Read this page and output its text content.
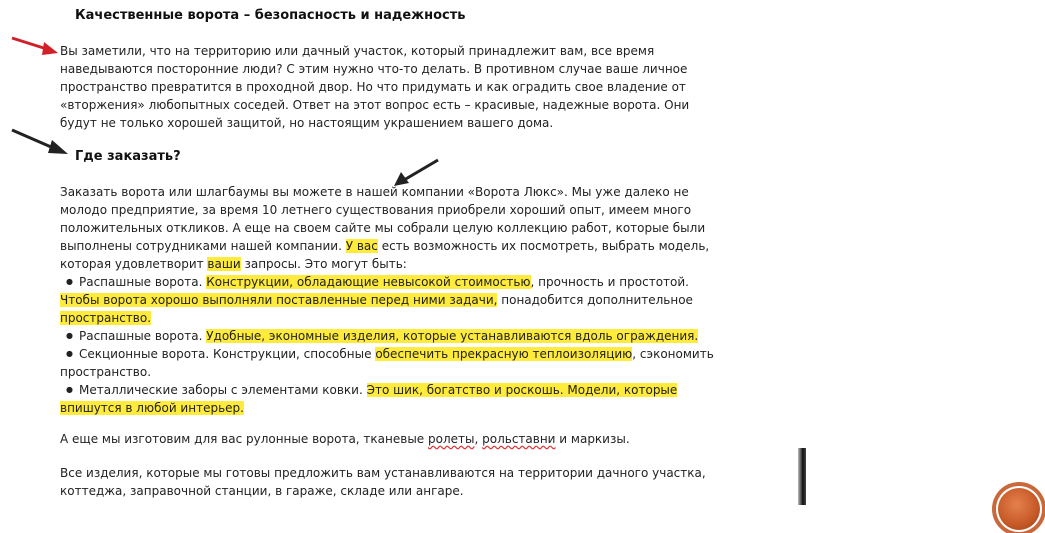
Качественные ворота – безопасность и надежность
Вы заметили, что на территорию или дачный участок, который принадлежит вам, все время
наведываются посторонние люди? С этим нужно что-то делать. В противном случае ваше личное
пространство превратится в проходной двор. Но что придумать и как оградить свое владение от
«вторжения» любопытных соседей. Ответ на этот вопрос есть – красивые, надежные ворота. Они
будут не только хорошей защитой, но настоящим украшением вашего дома.
Где заказать?
Заказать ворота или шлагбаумы вы можете в нашей компании «Ворота Люкс». Мы уже далеко не
молодо предприятие, за время 10 летнего существования приобрели хороший опыт, имеем много
положительных откликов. А еще на своем сайте мы собрали целую коллекцию работ, которые были
выполнены сотрудниками нашей компании. У вас есть возможность их посмотреть, выбрать модель,
которая удовлетворит ваши запросы. Это могут быть:
● Распашные ворота. Конструкции, обладающие невысокой стоимостью, прочность и простотой.
Чтобы ворота хорошо выполняли поставленные перед ними задачи, понадобится дополнительное
пространство.
● Распашные ворота. Удобные, экономные изделия, которые устанавливаются вдоль ограждения.
● Секционные ворота. Конструкции, способные обеспечить прекрасную теплоизоляцию, сэкономить
пространство.
● Металлические заборы с элементами ковки. Это шик, богатство и роскошь. Модели, которые
впишутся в любой интерьер.
А еще мы изготовим для вас рулонные ворота, тканевые ролеты, рольставни и маркизы.
Все изделия, которые мы готовы предложить вам устанавливаются на территории дачного участка,
коттеджа, заправочной станции, в гараже, складе или ангаре.
